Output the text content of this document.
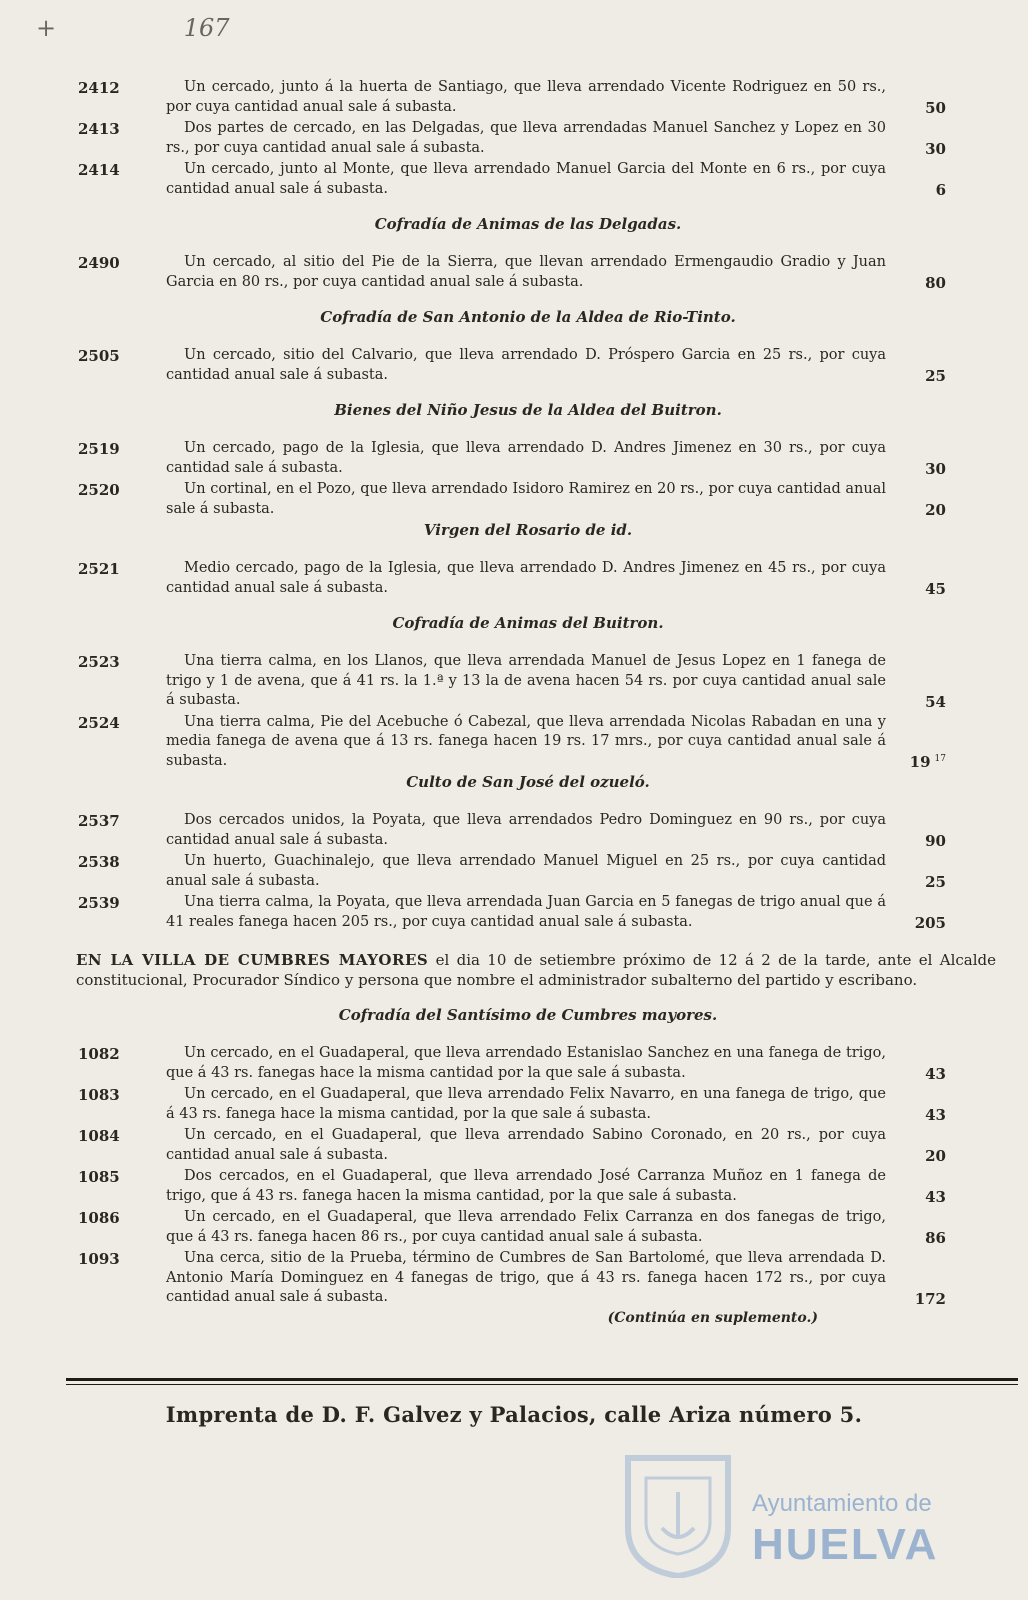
+	167
2412	Un cercado, junto á la huerta de Santiago, que lleva arrendado Vicente Rodriguez en 50 rs., por cuya cantidad anual sale á subasta.	50
2413	Dos partes de cercado, en las Delgadas, que lleva arrendadas Manuel Sanchez y Lopez en 30 rs., por cuya cantidad anual sale á subasta.	30
2414	Un cercado, junto al Monte, que lleva arrendado Manuel Garcia del Monte en 6 rs., por cuya cantidad anual sale á subasta.	6
Cofradía de Animas de las Delgadas.
2490	Un cercado, al sitio del Pie de la Sierra, que llevan arrendado Ermengaudio Gradio y Juan Garcia en 80 rs., por cuya cantidad anual sale á subasta.	80
Cofradía de San Antonio de la Aldea de Rio-Tinto.
2505	Un cercado, sitio del Calvario, que lleva arrendado D. Próspero Garcia en 25 rs., por cuya cantidad anual sale á subasta.	25
Bienes del Niño Jesus de la Aldea del Buitron.
2519	Un cercado, pago de la Iglesia, que lleva arrendado D. Andres Jimenez en 30 rs., por cuya cantidad sale á subasta.	30
2520	Un cortinal, en el Pozo, que lleva arrendado Isidoro Ramirez en 20 rs., por cuya cantidad anual sale á subasta.	20
Virgen del Rosario de id.
2521	Medio cercado, pago de la Iglesia, que lleva arrendado D. Andres Jimenez en 45 rs., por cuya cantidad anual sale á subasta.	45
Cofradía de Animas del Buitron.
2523	Una tierra calma, en los Llanos, que lleva arrendada Manuel de Jesus Lopez en 1 fanega de trigo y 1 de avena, que á 41 rs. la 1.ª y 13 la de avena hacen 54 rs. por cuya cantidad anual sale á subasta.	54
2524	Una tierra calma, Pie del Acebuche ó Cabezal, que lleva arrendada Nicolas Rabadan en una y media fanega de avena que á 13 rs. fanega hacen 19 rs. 17 mrs., por cuya cantidad anual sale á subasta.	19 $^{17}$
Culto de San José del ozueló.
2537	Dos cercados unidos, la Poyata, que lleva arrendados Pedro Dominguez en 90 rs., por cuya cantidad anual sale á subasta.	90
2538	Un huerto, Guachinalejo, que lleva arrendado Manuel Miguel en 25 rs., por cuya cantidad anual sale á subasta.	25
2539	Una tierra calma, la Poyata, que lleva arrendada Juan Garcia en 5 fanegas de trigo anual que á 41 reales fanega hacen 205 rs., por cuya cantidad anual sale á subasta.	205
EN LA VILLA DE CUMBRES MAYORES el dia 10 de setiembre próximo de 12 á 2 de la tarde, ante el Alcalde constitucional, Procurador Síndico y persona que nombre el administrador subalterno del partido y escribano.
Cofradía del Santísimo de Cumbres mayores.
1082	Un cercado, en el Guadaperal, que lleva arrendado Estanislao Sanchez en una fanega de trigo, que á 43 rs. fanegas hace la misma cantidad por la que sale á subasta.	43
1083	Un cercado, en el Guadaperal, que lleva arrendado Felix Navarro, en una fanega de trigo, que á 43 rs. fanega hace la misma cantidad, por la que sale á subasta.	43
1084	Un cercado, en el Guadaperal, que lleva arrendado Sabino Coronado, en 20 rs., por cuya cantidad anual sale á subasta.	20
1085	Dos cercados, en el Guadaperal, que lleva arrendado José Carranza Muñoz en 1 fanega de trigo, que á 43 rs. fanega hacen la misma cantidad, por la que sale á subasta.	43
1086	Un cercado, en el Guadaperal, que lleva arrendado Felix Carranza en dos fanegas de trigo, que á 43 rs. fanega hacen 86 rs., por cuya cantidad anual sale á subasta.	86
1093	Una cerca, sitio de la Prueba, término de Cumbres de San Bartolomé, que lleva arrendada D. Antonio María Dominguez en 4 fanegas de trigo, que á 43 rs. fanega hacen 172 rs., por cuya cantidad anual sale á subasta.	172
(Continúa en suplemento.)
Imprenta de D. F. Galvez y Palacios, calle Ariza número 5.
Ayuntamiento de
HUELVA
